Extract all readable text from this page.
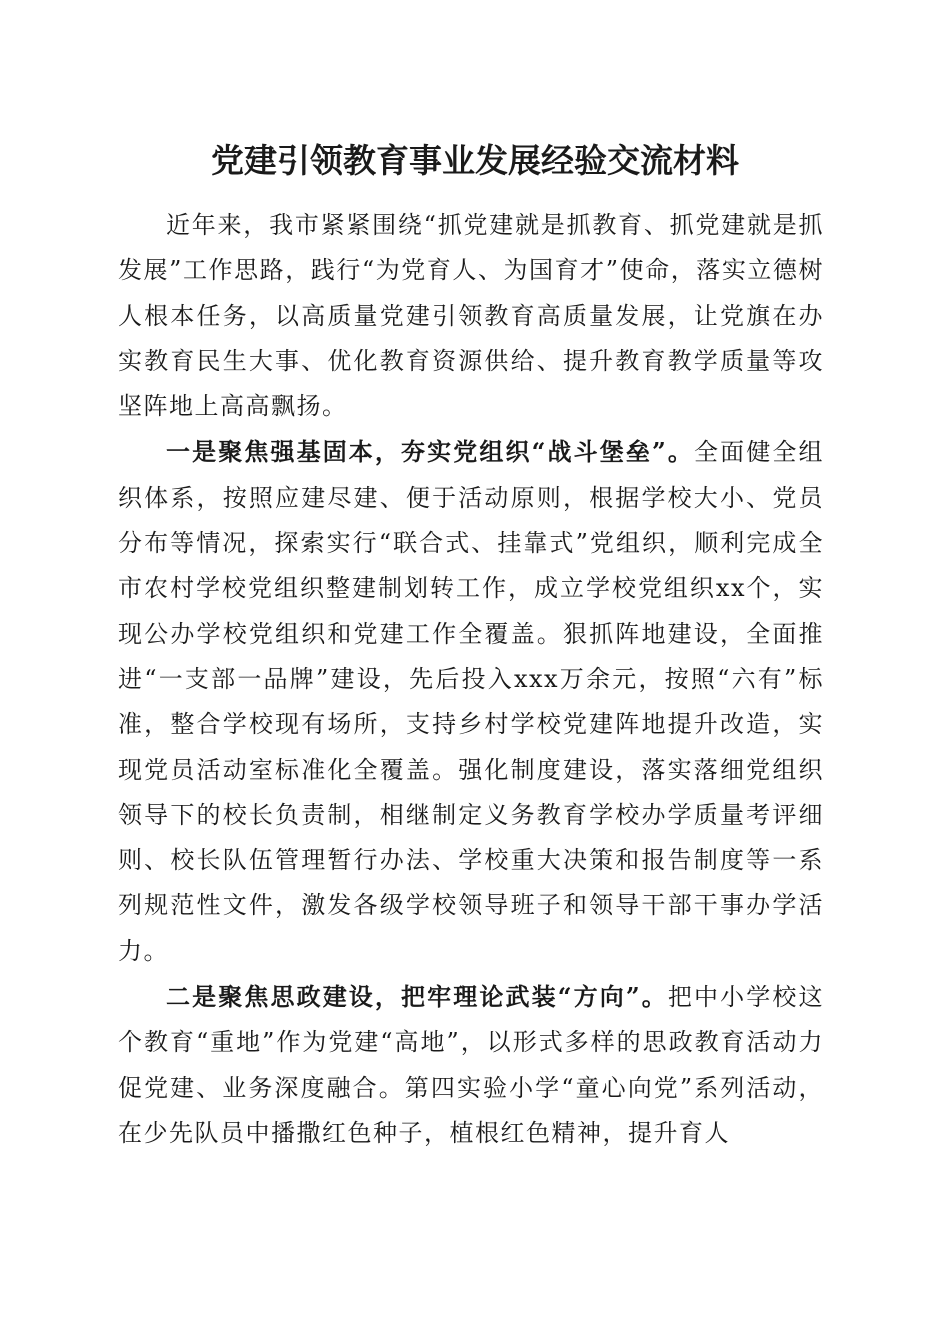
党建引领教育事业发展经验交流材料

近年来，我市紧紧围绕“抓党建就是抓教育、抓党建就是抓发展”工作思路，践行“为党育人、为国育才”使命，落实立德树人根本任务，以高质量党建引领教育高质量发展，让党旗在办实教育民生大事、优化教育资源供给、提升教育教学质量等攻坚阵地上高高飘扬。

一是聚焦强基固本，夯实党组织“战斗堡垒”。全面健全组织体系，按照应建尽建、便于活动原则，根据学校大小、党员分布等情况，探索实行“联合式、挂靠式”党组织，顺利完成全市农村学校党组织整建制划转工作，成立学校党组织xx个，实现公办学校党组织和党建工作全覆盖。狠抓阵地建设，全面推进“一支部一品牌”建设，先后投入xxx万余元，按照“六有”标准，整合学校现有场所，支持乡村学校党建阵地提升改造，实现党员活动室标准化全覆盖。强化制度建设，落实落细党组织领导下的校长负责制，相继制定义务教育学校办学质量考评细则、校长队伍管理暂行办法、学校重大决策和报告制度等一系列规范性文件，激发各级学校领导班子和领导干部干事办学活力。

二是聚焦思政建设，把牢理论武装“方向”。把中小学校这个教育“重地”作为党建“高地”，以形式多样的思政教育活动力促党建、业务深度融合。第四实验小学“童心向党”系列活动，在少先队员中播撒红色种子，植根红色精神，提升育人
